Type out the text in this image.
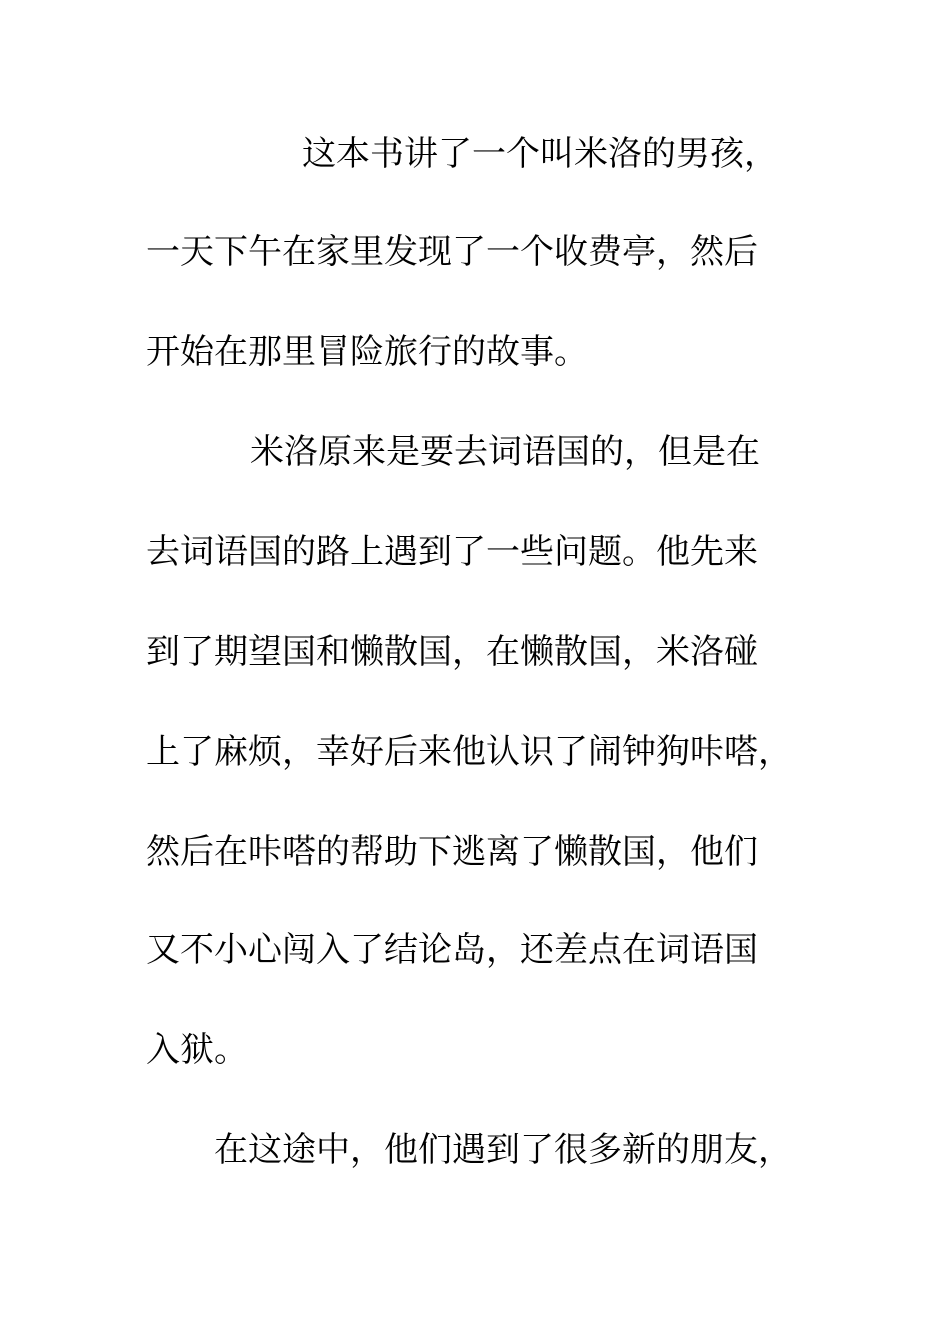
这本书讲了一个叫米洛的男孩，
一天下午在家里发现了一个收费亭，然后
开始在那里冒险旅行的故事。
米洛原来是要去词语国的，但是在
去词语国的路上遇到了一些问题。他先来
到了期望国和懒散国，在懒散国，米洛碰
上了麻烦，幸好后来他认识了闹钟狗咔嗒，
然后在咔嗒的帮助下逃离了懒散国，他们
又不小心闯入了结论岛，还差点在词语国
入狱。
在这途中，他们遇到了很多新的朋友，
